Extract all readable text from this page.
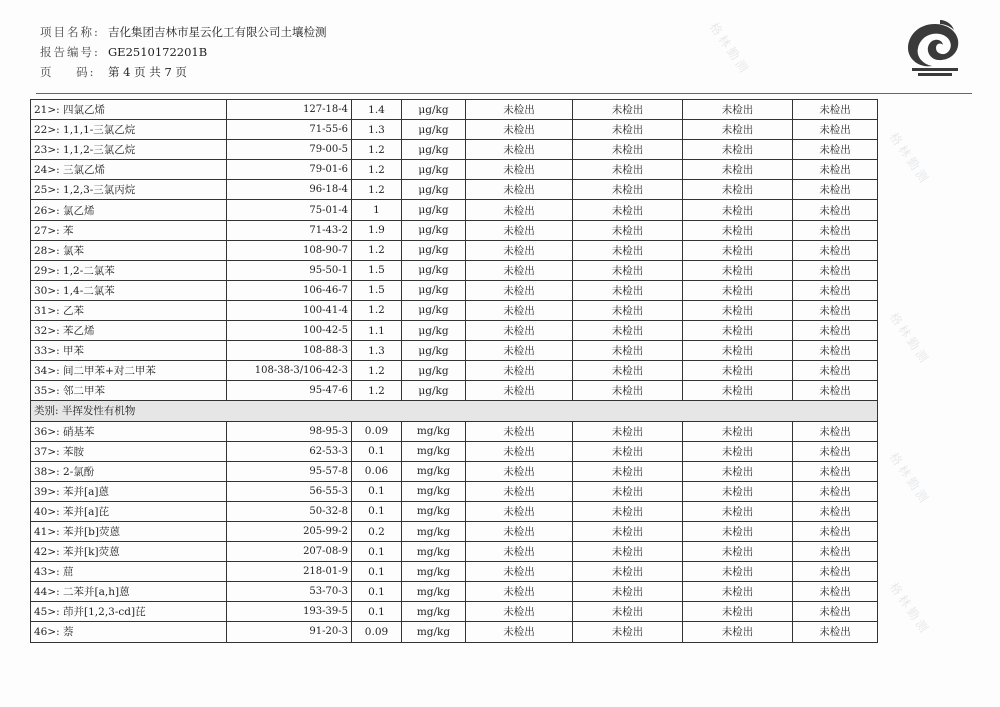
格林勤测
格林勤测
格林勤测
格林勤测
格林勤测
项目名称: 吉化集团吉林市星云化工有限公司土壤检测
报告编号: GE2510172201B
页    码:	第 4 页 共 7 页
21>: 四氯乙烯	127-18-4	1.4	μg/kg	未检出	未检出	未检出	未检出
22>: 1,1,1-三氯乙烷	71-55-6	1.3	μg/kg	未检出	未检出	未检出	未检出
23>: 1,1,2-三氯乙烷	79-00-5	1.2	μg/kg	未检出	未检出	未检出	未检出
24>: 三氯乙烯	79-01-6	1.2	μg/kg	未检出	未检出	未检出	未检出
25>: 1,2,3-三氯丙烷	96-18-4	1.2	μg/kg	未检出	未检出	未检出	未检出
26>: 氯乙烯	75-01-4	1	μg/kg	未检出	未检出	未检出	未检出
27>: 苯	71-43-2	1.9	μg/kg	未检出	未检出	未检出	未检出
28>: 氯苯	108-90-7	1.2	μg/kg	未检出	未检出	未检出	未检出
29>: 1,2-二氯苯	95-50-1	1.5	μg/kg	未检出	未检出	未检出	未检出
30>: 1,4-二氯苯	106-46-7	1.5	μg/kg	未检出	未检出	未检出	未检出
31>: 乙苯	100-41-4	1.2	μg/kg	未检出	未检出	未检出	未检出
32>: 苯乙烯	100-42-5	1.1	μg/kg	未检出	未检出	未检出	未检出
33>: 甲苯	108-88-3	1.3	μg/kg	未检出	未检出	未检出	未检出
34>: 间二甲苯+对二甲苯	108-38-3/106-42-3	1.2	μg/kg	未检出	未检出	未检出	未检出
35>: 邻二甲苯	95-47-6	1.2	μg/kg	未检出	未检出	未检出	未检出
类别: 半挥发性有机物							
36>: 硝基苯	98-95-3	0.09	mg/kg	未检出	未检出	未检出	未检出
37>: 苯胺	62-53-3	0.1	mg/kg	未检出	未检出	未检出	未检出
38>: 2-氯酚	95-57-8	0.06	mg/kg	未检出	未检出	未检出	未检出
39>: 苯并[a]蒽	56-55-3	0.1	mg/kg	未检出	未检出	未检出	未检出
40>: 苯并[a]芘	50-32-8	0.1	mg/kg	未检出	未检出	未检出	未检出
41>: 苯并[b]荧蒽	205-99-2	0.2	mg/kg	未检出	未检出	未检出	未检出
42>: 苯并[k]荧蒽	207-08-9	0.1	mg/kg	未检出	未检出	未检出	未检出
43>: 䓛	218-01-9	0.1	mg/kg	未检出	未检出	未检出	未检出
44>: 二苯并[a,h]蒽	53-70-3	0.1	mg/kg	未检出	未检出	未检出	未检出
45>: 茚并[1,2,3-cd]芘	193-39-5	0.1	mg/kg	未检出	未检出	未检出	未检出
46>: 萘	91-20-3	0.09	mg/kg	未检出	未检出	未检出	未检出
